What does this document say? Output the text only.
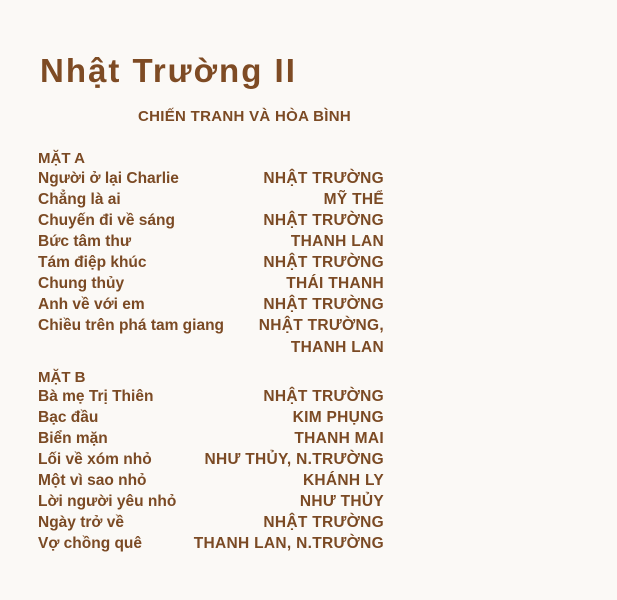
Nhật Trường II
CHIẾN TRANH VÀ HÒA BÌNH
MẶT A
Người ở lại Charlie	NHẬT TRƯỜNG
Chẳng là ai	MỸ THỂ
Chuyến đi về sáng	NHẬT TRƯỜNG
Bức tâm thư	THANH LAN
Tám điệp khúc	NHẬT TRƯỜNG
Chung thủy	THÁI THANH
Anh về với em	NHẬT TRƯỜNG
Chiều trên phá tam giang NHẬT TRƯỜNG,
THANH LAN
MẶT B
Bà mẹ Trị Thiên	NHẬT TRƯỜNG
Bạc đầu	KIM PHỤNG
Biển mặn	THANH MAI
Lối về xóm nhỏ	NHƯ THỦY, N.TRƯỜNG
Một vì sao nhỏ	KHÁNH LY
Lời người yêu nhỏ	NHƯ THỦY
Ngày trở về	NHẬT TRƯỜNG
Vợ chồng quê	THANH LAN, N.TRƯỜNG
